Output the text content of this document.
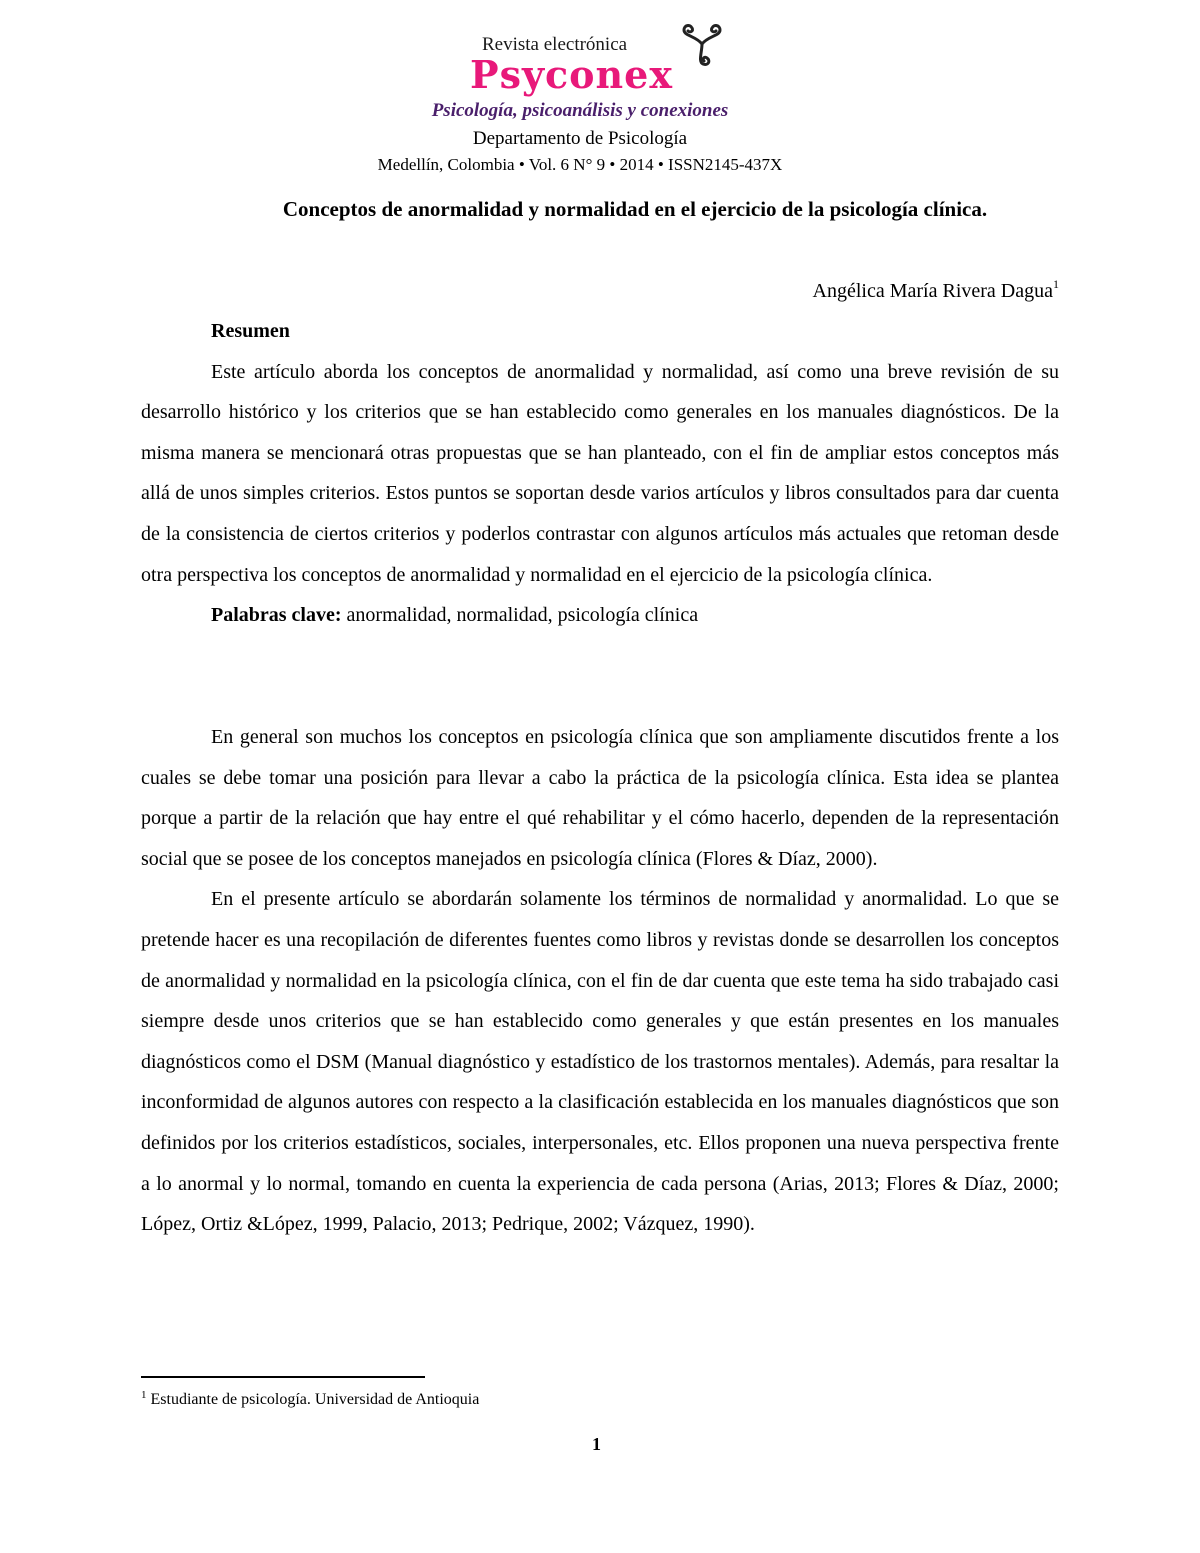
Revista electrónica
Psyconex
Psicología, psicoanálisis y conexiones
Departamento de Psicología
Medellín, Colombia • Vol. 6 N° 9 • 2014 • ISSN2145-437X
Conceptos de anormalidad y normalidad en el ejercicio de la psicología clínica.
Angélica María Rivera Dagua$^1$

Resumen

Este artículo aborda los conceptos de anormalidad y normalidad, así como una breve revisión de su desarrollo histórico y los criterios que se han establecido como generales en los manuales diagnósticos. De la misma manera se mencionará otras propuestas que se han planteado, con el fin de ampliar estos conceptos más allá de unos simples criterios. Estos puntos se soportan desde varios artículos y libros consultados para dar cuenta de la consistencia de ciertos criterios y poderlos contrastar con algunos artículos más actuales que retoman desde otra perspectiva los conceptos de anormalidad y normalidad en el ejercicio de la psicología clínica.

Palabras clave: anormalidad, normalidad, psicología clínica

En general son muchos los conceptos en psicología clínica que son ampliamente discutidos frente a los cuales se debe tomar una posición para llevar a cabo la práctica de la psicología clínica. Esta idea se plantea porque a partir de la relación que hay entre el qué rehabilitar y el cómo hacerlo, dependen de la representación social que se posee de los conceptos manejados en psicología clínica (Flores & Díaz, 2000).

En el presente artículo se abordarán solamente los términos de normalidad y anormalidad. Lo que se pretende hacer es una recopilación de diferentes fuentes como libros y revistas donde se desarrollen los conceptos de anormalidad y normalidad en la psicología clínica, con el fin de dar cuenta que este tema ha sido trabajado casi siempre desde unos criterios que se han establecido como generales y que están presentes en los manuales diagnósticos como el DSM (Manual diagnóstico y estadístico de los trastornos mentales). Además, para resaltar la inconformidad de algunos autores con respecto a la clasificación establecida en los manuales diagnósticos que son definidos por los criterios estadísticos, sociales, interpersonales, etc. Ellos proponen una nueva perspectiva frente a lo anormal y lo normal, tomando en cuenta la experiencia de cada persona (Arias, 2013; Flores & Díaz, 2000; López, Ortiz &López, 1999, Palacio, 2013; Pedrique, 2002; Vázquez, 1990).

$^1$ Estudiante de psicología. Universidad de Antioquia
1
